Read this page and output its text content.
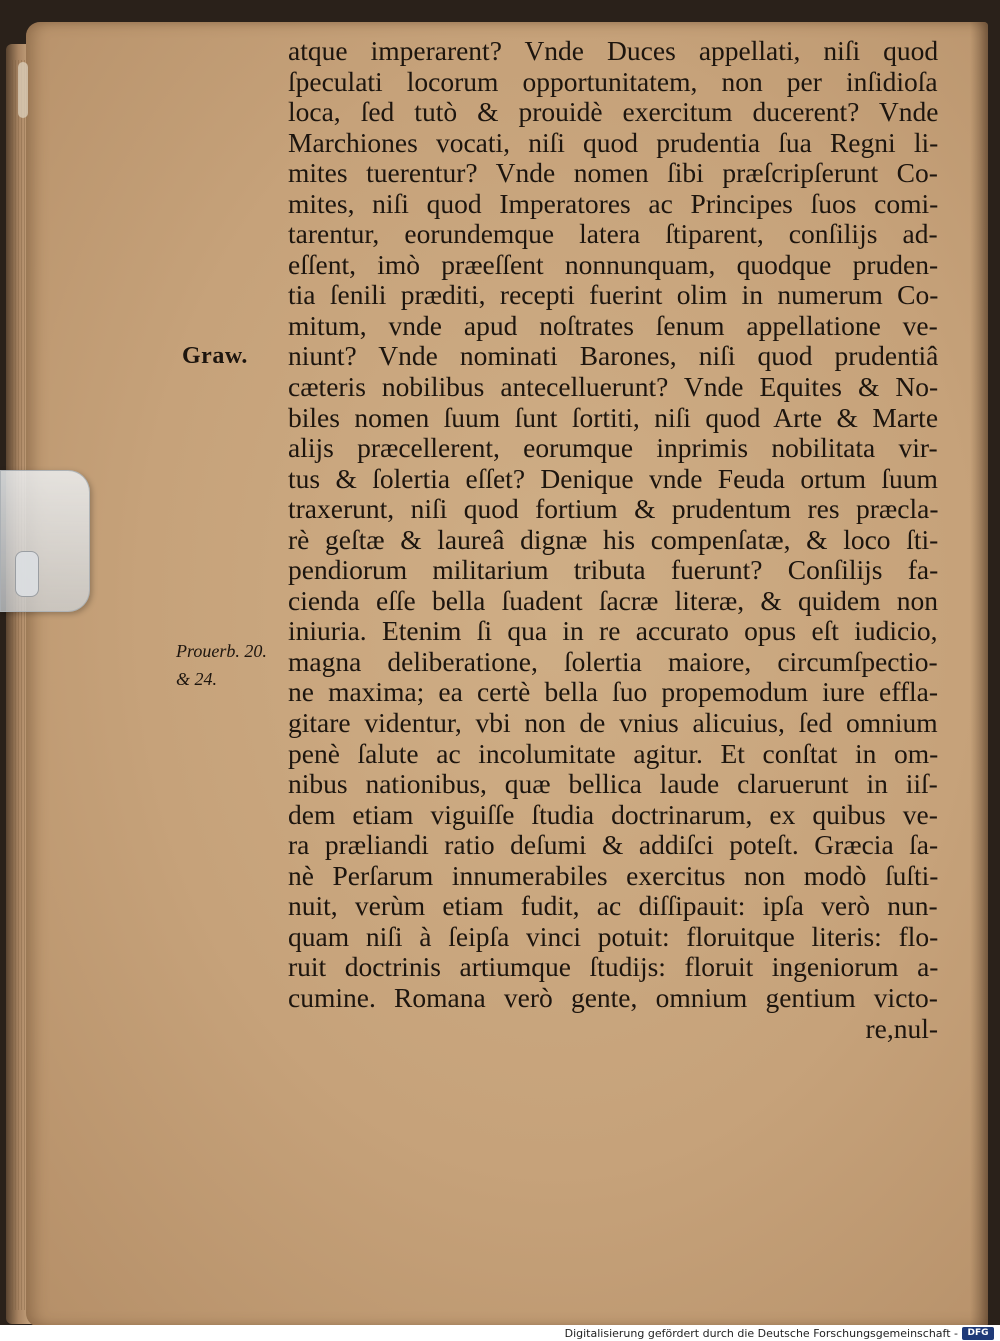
Graw.
Prouerb. 20.
& 24.
atque imperarent? Vnde Duces appellati, niſi quod
ſpeculati locorum opportunitatem, non per inſidioſa
loca, ſed tutò & prouidè exercitum ducerent? Vnde
Marchiones vocati, niſi quod prudentia ſua Regni li-
mites tuerentur? Vnde nomen ſibi præſcripſerunt Co-
mites, niſi quod Imperatores ac Principes ſuos comi-
tarentur, eorundemque latera ſtiparent, conſilijs ad-
eſſent, imò præeſſent nonnunquam, quodque pruden-
tia ſenili præditi, recepti fuerint olim in numerum Co-
mitum, vnde apud noſtrates ſenum appellatione ve-
niunt? Vnde nominati Barones, niſi quod prudentiâ
cæteris nobilibus antecelluerunt? Vnde Equites & No-
biles nomen ſuum ſunt ſortiti, niſi quod Arte & Marte
alijs præcellerent, eorumque inprimis nobilitata vir-
tus & ſolertia eſſet? Denique vnde Feuda ortum ſuum
traxerunt, niſi quod fortium & prudentum res præcla-
rè geſtæ & laureâ dignæ his compenſatæ, & loco ſti-
pendiorum militarium tributa fuerunt? Conſilijs fa-
cienda eſſe bella ſuadent ſacræ literæ, & quidem non
iniuria. Etenim ſi qua in re accurato opus eſt iudicio,
magna deliberatione, ſolertia maiore, circumſpectio-
ne maxima; ea certè bella ſuo propemodum iure effla-
gitare videntur, vbi non de vnius alicuius, ſed omnium
penè ſalute ac incolumitate agitur. Et conſtat in om-
nibus nationibus, quæ bellica laude claruerunt in iiſ-
dem etiam viguiſſe ſtudia doctrinarum, ex quibus ve-
ra præliandi ratio deſumi & addiſci poteſt. Græcia ſa-
nè Perſarum innumerabiles exercitus non modò ſuſti-
nuit, verùm etiam fudit, ac diſſipauit: ipſa verò nun-
quam niſi à ſeipſa vinci potuit: floruitque literis: flo-
ruit doctrinis artiumque ſtudijs: floruit ingeniorum a-
cumine. Romana verò gente, omnium gentium victo-
re,nul-
Digitalisierung gefördert durch die Deutsche Forschungsgemeinschaft -	DFG
